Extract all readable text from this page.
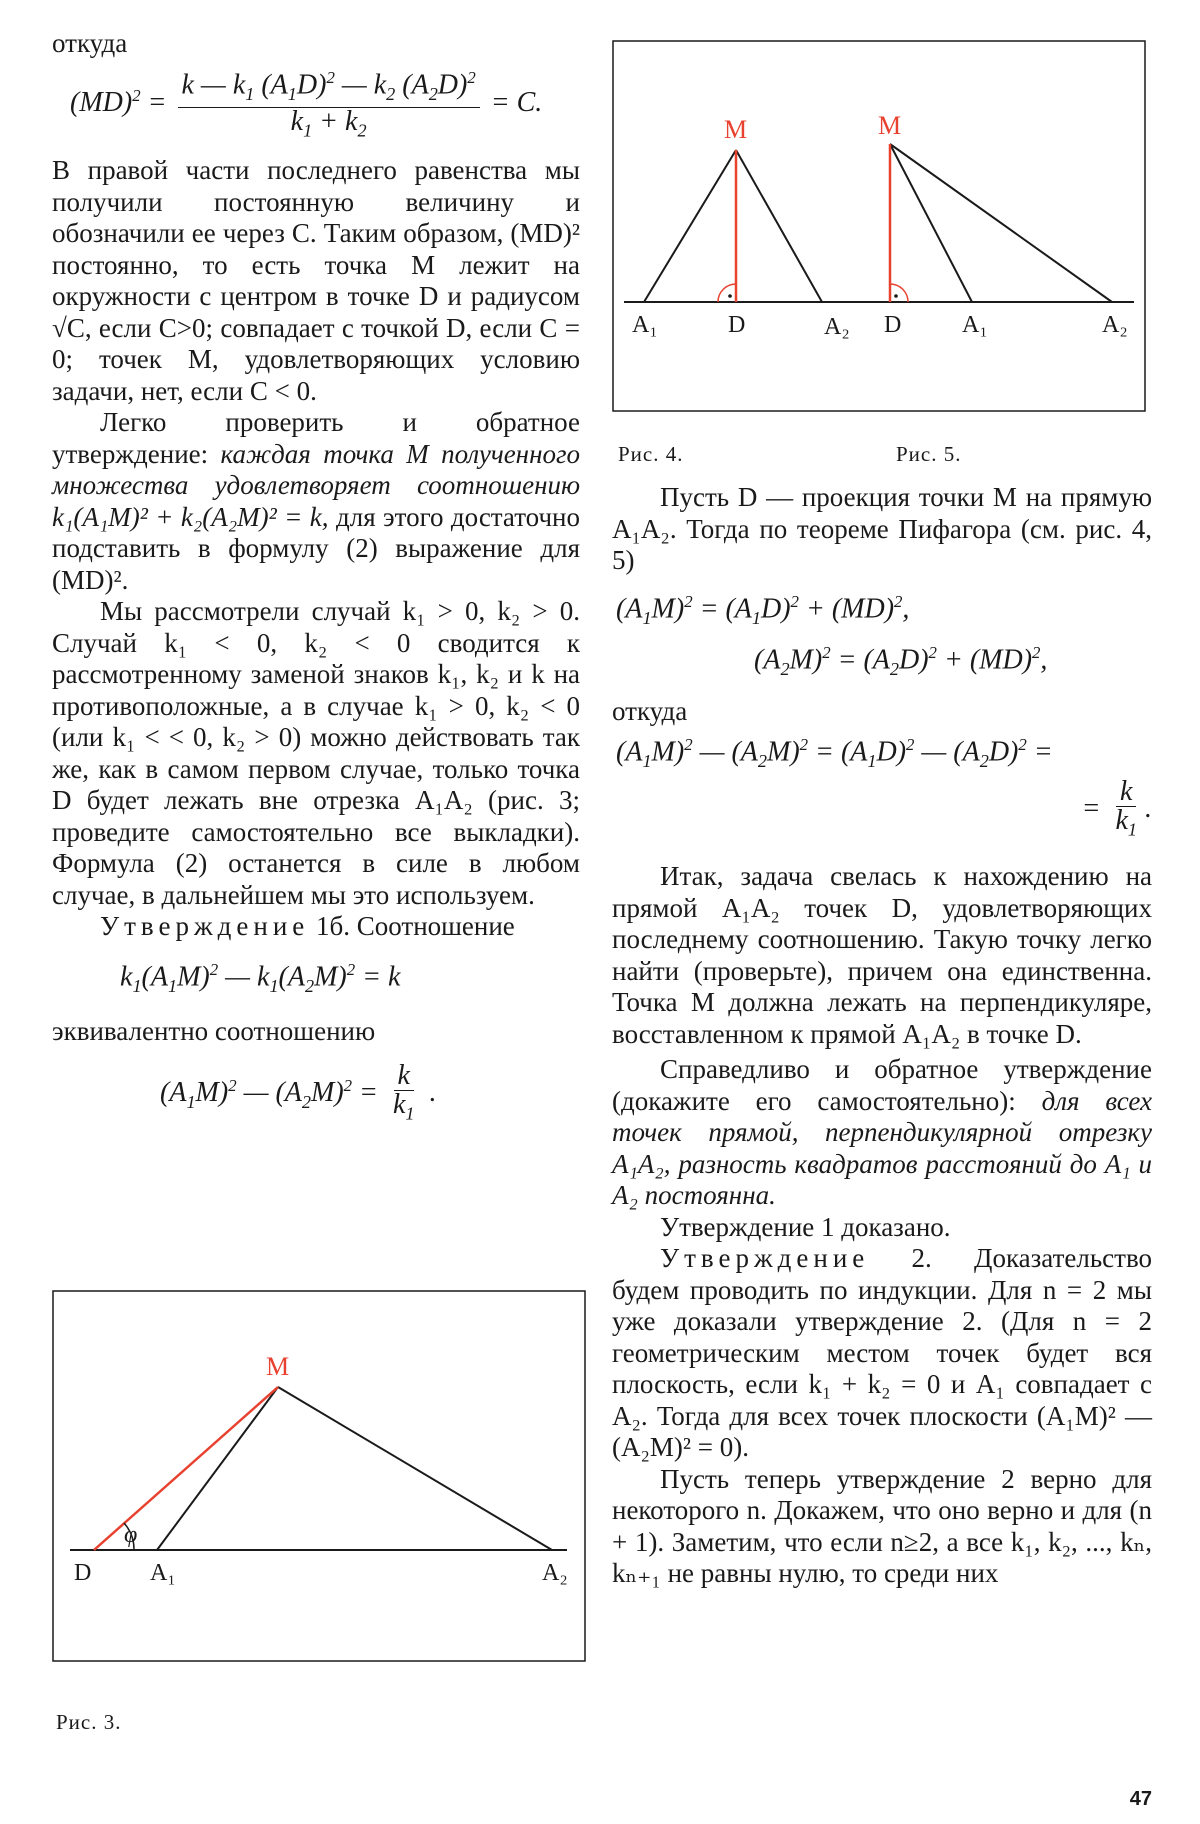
откуда

$(MD)^2 = \frac{k — k_1 (A_1D)^2 — k_2 (A_2D)^2}{k_1 + k_2} = C$.

В правой части последнего равенства мы получили постоянную величину и обозначили ее через C. Таким образом, (MD)² постоянно, то есть точка M лежит на окружности с центром в точке D и радиусом √C, если C>0; совпадает с точкой D, если C = 0; точек M, удовлетворяющих условию задачи, нет, если C < 0.

Легко проверить и обратное утверждение: каждая точка M полученного множества удовлетворяет соотношению k₁(A₁M)² + k₂(A₂M)² = k, для этого достаточно подставить в формулу (2) выражение для (MD)².

Мы рассмотрели случай k₁ > 0, k₂ > 0. Случай k₁ < 0, k₂ < 0 сводится к рассмотренному заменой знаков k₁, k₂ и k на противоположные, а в случае k₁ > 0, k₂ < 0 (или k₁ < < 0, k₂ > 0) можно действовать так же, как в самом первом случае, только точка D будет лежать вне отрезка A₁A₂ (рис. 3; проведите самостоятельно все выкладки). Формула (2) останется в силе в любом случае, в дальнейшем мы это используем.

Утверждение 1б. Соотношение

$k_1(A_1M)^2$ — $k_1(A_2M)^2 = k$

эквивалентно соотношению

$(A_1M)^2$ — $(A_2M)^2 = \frac{k}{k_1}$ .
M
φ
D A₁	A₂
Рис. 3.
M
A₁	D	A₂
M
D	A₁	A₂
Рис. 4.	Рис. 5.

Пусть D — проекция точки M на прямую A₁A₂. Тогда по теореме Пифагора (см. рис. 4, 5)

$(A_1M)^2 = (A_1D)^2 + (MD)^2$,
$(A_2M)^2 = (A_2D)^2 + (MD)^2$,

откуда

$(A_1M)^2$ — $(A_2M)^2 = (A_1D)^2$ — $(A_2D)^2$ =
= $\frac{k}{k_1}$ .

Итак, задача свелась к нахождению на прямой A₁A₂ точек D, удовлетворяющих последнему соотношению. Такую точку легко найти (проверьте), причем она единственна. Точка M должна лежать на перпендикуляре, восставленном к прямой A₁A₂ в точке D.

Справедливо и обратное утверждение (докажите его самостоятельно): для всех точек прямой, перпендикулярной отрезку A₁A₂, разность квадратов расстояний до A₁ и A₂ постоянна.

Утверждение 1 доказано.

Утверждение 2. Доказательство будем проводить по индукции. Для n = 2 мы уже доказали утверждение 2. (Для n = 2 геометрическим местом точек будет вся плоскость, если k₁ + k₂ = 0 и A₁ совпадает с A₂. Тогда для всех точек плоскости (A₁M)² — (A₂M)² = 0).

Пусть теперь утверждение 2 верно для некоторого n. Докажем, что оно верно и для (n + 1). Заметим, что если n≥2, а все k₁, k₂, ..., kₙ, kₙ₊₁ не равны нулю, то среди них

47
